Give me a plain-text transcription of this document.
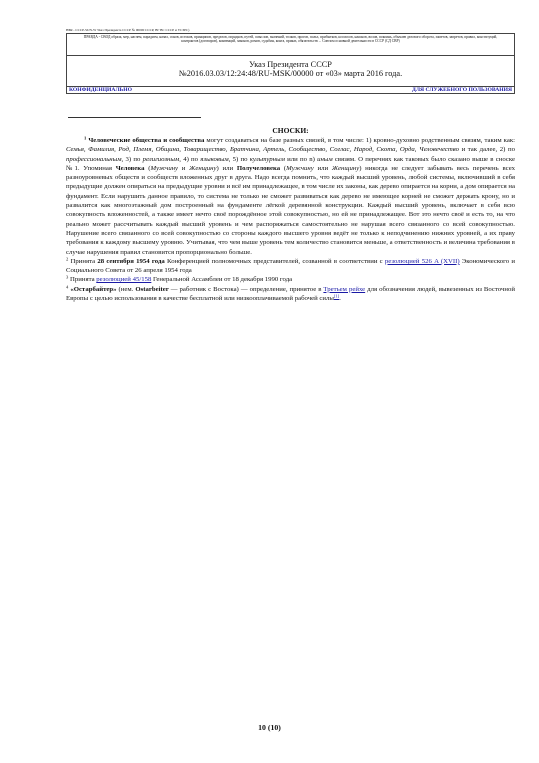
НБЯ - СССР-SUN-W Указ Президента СССР № 00000 СССР, ВГ ВС СССР и УСЗРС)
ПРАВДА - СВОД образа, мер, насчем, парадигм, начал, основ, истоков, принципов, пределов, порядков, путей, смыслов, значений, толков, прогов, польз, прибытков, космосов, наяснов, волов, покоинь, обычаев делового оборота, заметов, запретов, правил, конституций, контрактов (договоров), конвенций, законов, ромов, судьбин, конта, приказ, обязательств ... Союзом основной деятельности в СССР (СД СВР)
Указ Президента СССР
№2016.03.03/12:24:48/RU-MSK/00000 от «03» марта 2016 года.
КОНФИДЕНЦИАЛЬНО	ДЛЯ СЛУЖЕБНОГО ПОЛЬЗОВАНИЯ
СНОСКИ:

$^1$ Человеческие общества и сообщества могут создаваться на базе разных связей, в том числе: 1) кровно-духовно родственным связям, таким как: Семья, Фамилия, Род, Племя, Община, Товарищество, Братчина, Артель, Сообщество, Соглас, Народ, Скота, Орда, Человечество и так далее, 2) по профессиональным, 3) по религиозным, 4) по языковым, 5) по культурным или по n) иным связям. О перечнях как таковых было сказано выше в сноске №1. Упоминая Человека (Мужчину и Женщину) или Получеловека (Мужчину или Женщину) никогда не следует забывать весь перечень всех разноуровневых обществ и сообществ вложенных друг в друга. Надо всегда помнить, что каждый высший уровень, любой системы, включивший в себя предыдущие должен опираться на предыдущие уровни и всё им принадлежащее, в том числе их законы, как дерево опирается на корни, а дом опирается на фундамент. Если нарушить данное правило, то система не только не сможет развиваться как дерево не имеющее корней не сможет держать крону, но и развалится как многоэтажный дом построенный на фундаменте лёгкой деревянной конструкции. Каждый высший уровень, включает в себя всю совокупность вложенностей, а также имеет нечто своё порождённое этой совокупностью, но ей не принадлежащее. Вот это нечто своё и есть то, на что реально может рассчитывать каждый высший уровень и чем распоряжаться самостоятельно не нарушая всего связанного со всей совокупностью. Нарушение всего связанного со всей совокупностью со стороны каждого высшего уровня ведёт не только к неподчинению нижних уровней, а их праву требования к каждому высшему уровню. Учитывая, что чем выше уровень тем количество становится меньше, а ответственность и величина требования в случае нарушения правил становится пропорционально больше.

$^2$ Принята 28 сентября 1954 года Конференцией полномочных представителей, созванной в соответствии с резолюцией 526 A (XVII) Экономического и Социального Совета от 26 апреля 1954 года

$^3$ Принята резолюцией 45/158 Генеральной Ассамблеи от 18 декабря 1990 года

$^4$ «Остарбайтер» (нем. Ostarbeiter — работник с Востока) — определение, принятое в Третьем рейхе для обозначения людей, вывезенных из Восточной Европы с целью использования в качестве бесплатной или низкооплачиваемой рабочей силы[1].

10 (10)
